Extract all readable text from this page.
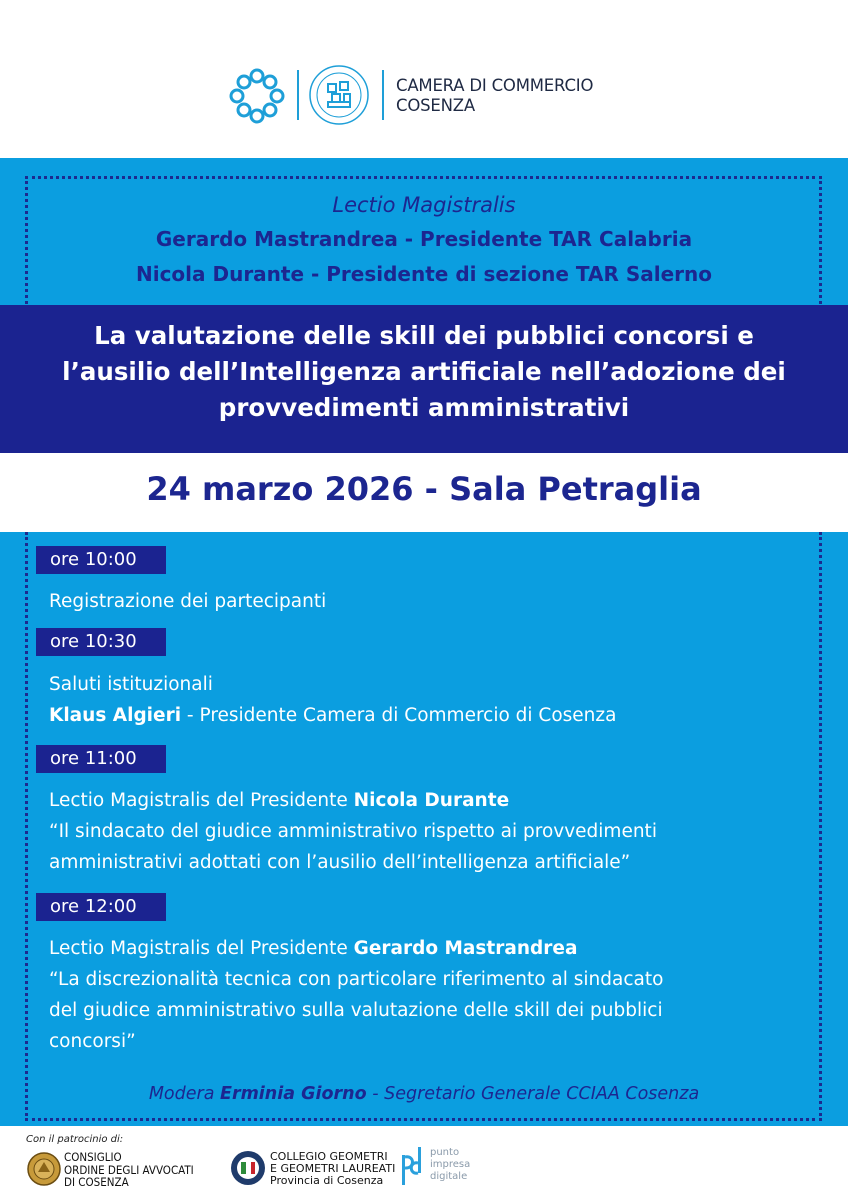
CAMERA DI COMMERCIO
COSENZA
Lectio Magistralis
Gerardo Mastrandrea - Presidente TAR Calabria
Nicola Durante - Presidente di sezione TAR Salerno
La valutazione delle skill dei pubblici concorsi e
l’ausilio dell’Intelligenza artificiale nell’adozione dei
provvedimenti amministrativi
24 marzo 2026 - Sala Petraglia
ore 10:00
Registrazione dei partecipanti
ore 10:30
Saluti istituzionali
Klaus Algieri - Presidente Camera di Commercio di Cosenza
ore 11:00
Lectio Magistralis del Presidente Nicola Durante
“Il sindacato del giudice amministrativo rispetto ai provvedimenti
amministrativi adottati con l’ausilio dell’intelligenza artificiale”
ore 12:00
Lectio Magistralis del Presidente Gerardo Mastrandrea
“La discrezionalità tecnica con particolare riferimento al sindacato
del giudice amministrativo sulla valutazione delle skill dei pubblici
concorsi”
Modera Erminia Giorno - Segretario Generale CCIAA Cosenza
Con il patrocinio di:
CONSIGLIO
ORDINE DEGLI AVVOCATI
DI COSENZA
COLLEGIO GEOMETRI
E GEOMETRI LAUREATI
Provincia di Cosenza
punto
impresa
digitale
